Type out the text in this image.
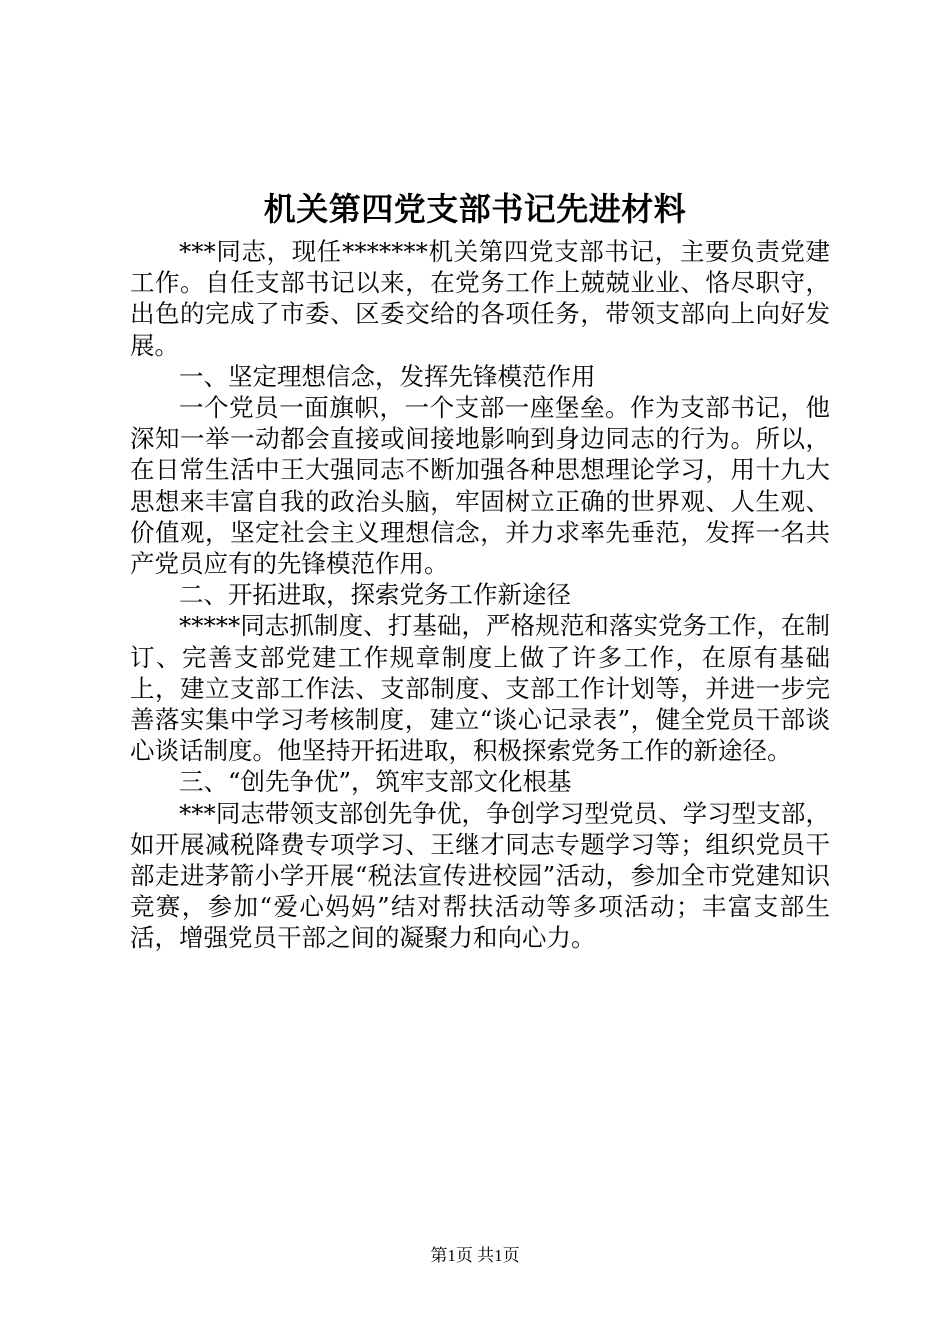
机关第四党支部书记先进材料

***同志，现任*******机关第四党支部书记，主要负责党建工作。自任支部书记以来，在党务工作上兢兢业业、恪尽职守，出色的完成了市委、区委交给的各项任务，带领支部向上向好发展。

一、坚定理想信念，发挥先锋模范作用

一个党员一面旗帜，一个支部一座堡垒。作为支部书记，他深知一举一动都会直接或间接地影响到身边同志的行为。所以，在日常生活中王大强同志不断加强各种思想理论学习，用十九大思想来丰富自我的政治头脑，牢固树立正确的世界观、人生观、价值观，坚定社会主义理想信念，并力求率先垂范，发挥一名共产党员应有的先锋模范作用。

二、开拓进取，探索党务工作新途径

*****同志抓制度、打基础，严格规范和落实党务工作，在制订、完善支部党建工作规章制度上做了许多工作，在原有基础上，建立支部工作法、支部制度、支部工作计划等，并进一步完善落实集中学习考核制度，建立“谈心记录表”，健全党员干部谈心谈话制度。他坚持开拓进取，积极探索党务工作的新途径。

三、“创先争优”，筑牢支部文化根基

***同志带领支部创先争优，争创学习型党员、学习型支部，如开展减税降费专项学习、王继才同志专题学习等；组织党员干部走进茅箭小学开展“税法宣传进校园”活动，参加全市党建知识竞赛，参加“爱心妈妈”结对帮扶活动等多项活动；丰富支部生活，增强党员干部之间的凝聚力和向心力。

第1页 共1页
